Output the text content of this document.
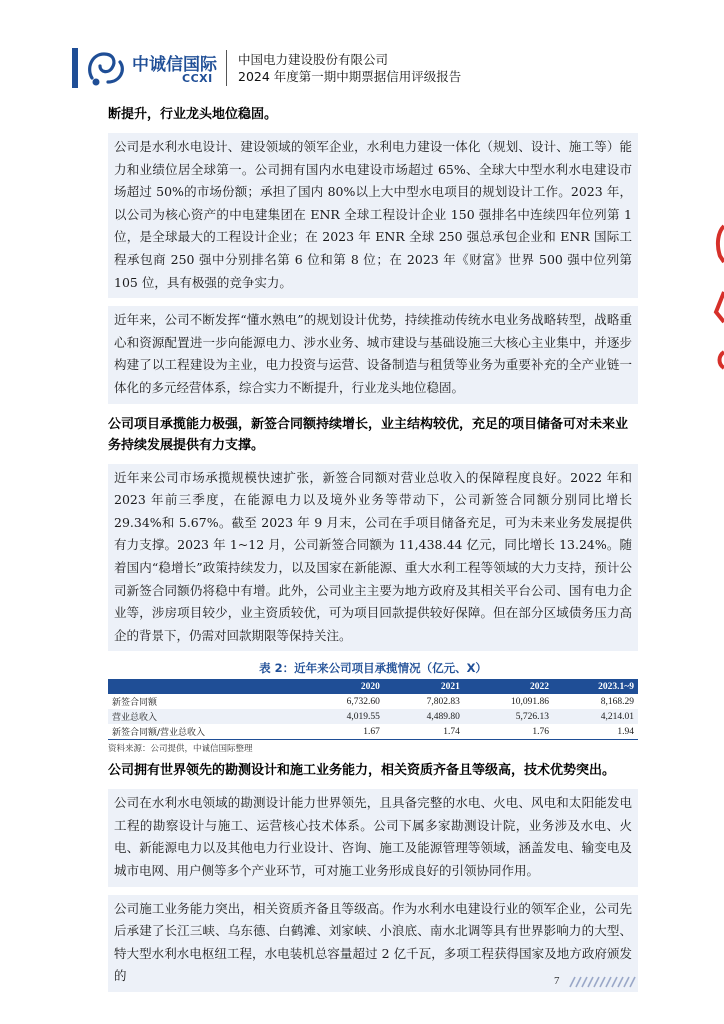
中诚信国际
CCXI
中国电力建设股份有限公司
2024 年度第一期中期票据信用评级报告

断提升，行业龙头地位稳固。

公司是水利水电设计、建设领域的领军企业，水利电力建设一体化（规划、设计、施工等）能力和业绩位居全球第一。公司拥有国内水电建设市场超过 65%、全球大中型水利水电建设市场超过 50%的市场份额；承担了国内 80%以上大中型水电项目的规划设计工作。2023 年，以公司为核心资产的中电建集团在 ENR 全球工程设计企业 150 强排名中连续四年位列第 1 位，是全球最大的工程设计企业；在 2023 年 ENR 全球 250 强总承包企业和 ENR 国际工程承包商 250 强中分别排名第 6 位和第 8 位；在 2023 年《财富》世界 500 强中位列第 105 位，具有极强的竞争实力。

近年来，公司不断发挥“懂水熟电”的规划设计优势，持续推动传统水电业务战略转型，战略重心和资源配置进一步向能源电力、涉水业务、城市建设与基础设施三大核心主业集中，并逐步构建了以工程建设为主业，电力投资与运营、设备制造与租赁等业务为重要补充的全产业链一体化的多元经营体系，综合实力不断提升，行业龙头地位稳固。

公司项目承揽能力极强，新签合同额持续增长，业主结构较优，充足的项目储备可对未来业务持续发展提供有力支撑。

近年来公司市场承揽规模快速扩张，新签合同额对营业总收入的保障程度良好。2022 年和 2023 年前三季度，在能源电力以及境外业务等带动下，公司新签合同额分别同比增长 29.34%和 5.67%。截至 2023 年 9 月末，公司在手项目储备充足，可为未来业务发展提供有力支撑。2023 年 1~12 月，公司新签合同额为 11,438.44 亿元，同比增长 13.24%。随着国内“稳增长”政策持续发力，以及国家在新能源、重大水利工程等领域的大力支持，预计公司新签合同额仍将稳中有增。此外，公司业主主要为地方政府及其相关平台公司、国有电力企业等，涉房项目较少，业主资质较优，可为项目回款提供较好保障。但在部分区域债务压力高企的背景下，仍需对回款期限等保持关注。

表 2：近年来公司项目承揽情况（亿元、X）
	2020	2021	2022	2023.1~9
新签合同额	6,732.60	7,802.83	10,091.86	8,168.29
营业总收入	4,019.55	4,489.80	5,726.13	4,214.01
新签合同额/营业总收入	1.67	1.74	1.76	1.94
资料来源：公司提供，中诚信国际整理

公司拥有世界领先的勘测设计和施工业务能力，相关资质齐备且等级高，技术优势突出。

公司在水利水电领域的勘测设计能力世界领先，且具备完整的水电、火电、风电和太阳能发电工程的勘察设计与施工、运营核心技术体系。公司下属多家勘测设计院，业务涉及水电、火电、新能源电力以及其他电力行业设计、咨询、施工及能源管理等领域，涵盖发电、输变电及城市电网、用户侧等多个产业环节，可对施工业务形成良好的引领协同作用。

公司施工业务能力突出，相关资质齐备且等级高。作为水利水电建设行业的领军企业，公司先后承建了长江三峡、乌东德、白鹤滩、刘家峡、小浪底、南水北调等具有世界影响力的大型、特大型水利水电枢纽工程，水电装机总容量超过 2 亿千瓦，多项工程获得国家及地方政府颁发的	7
